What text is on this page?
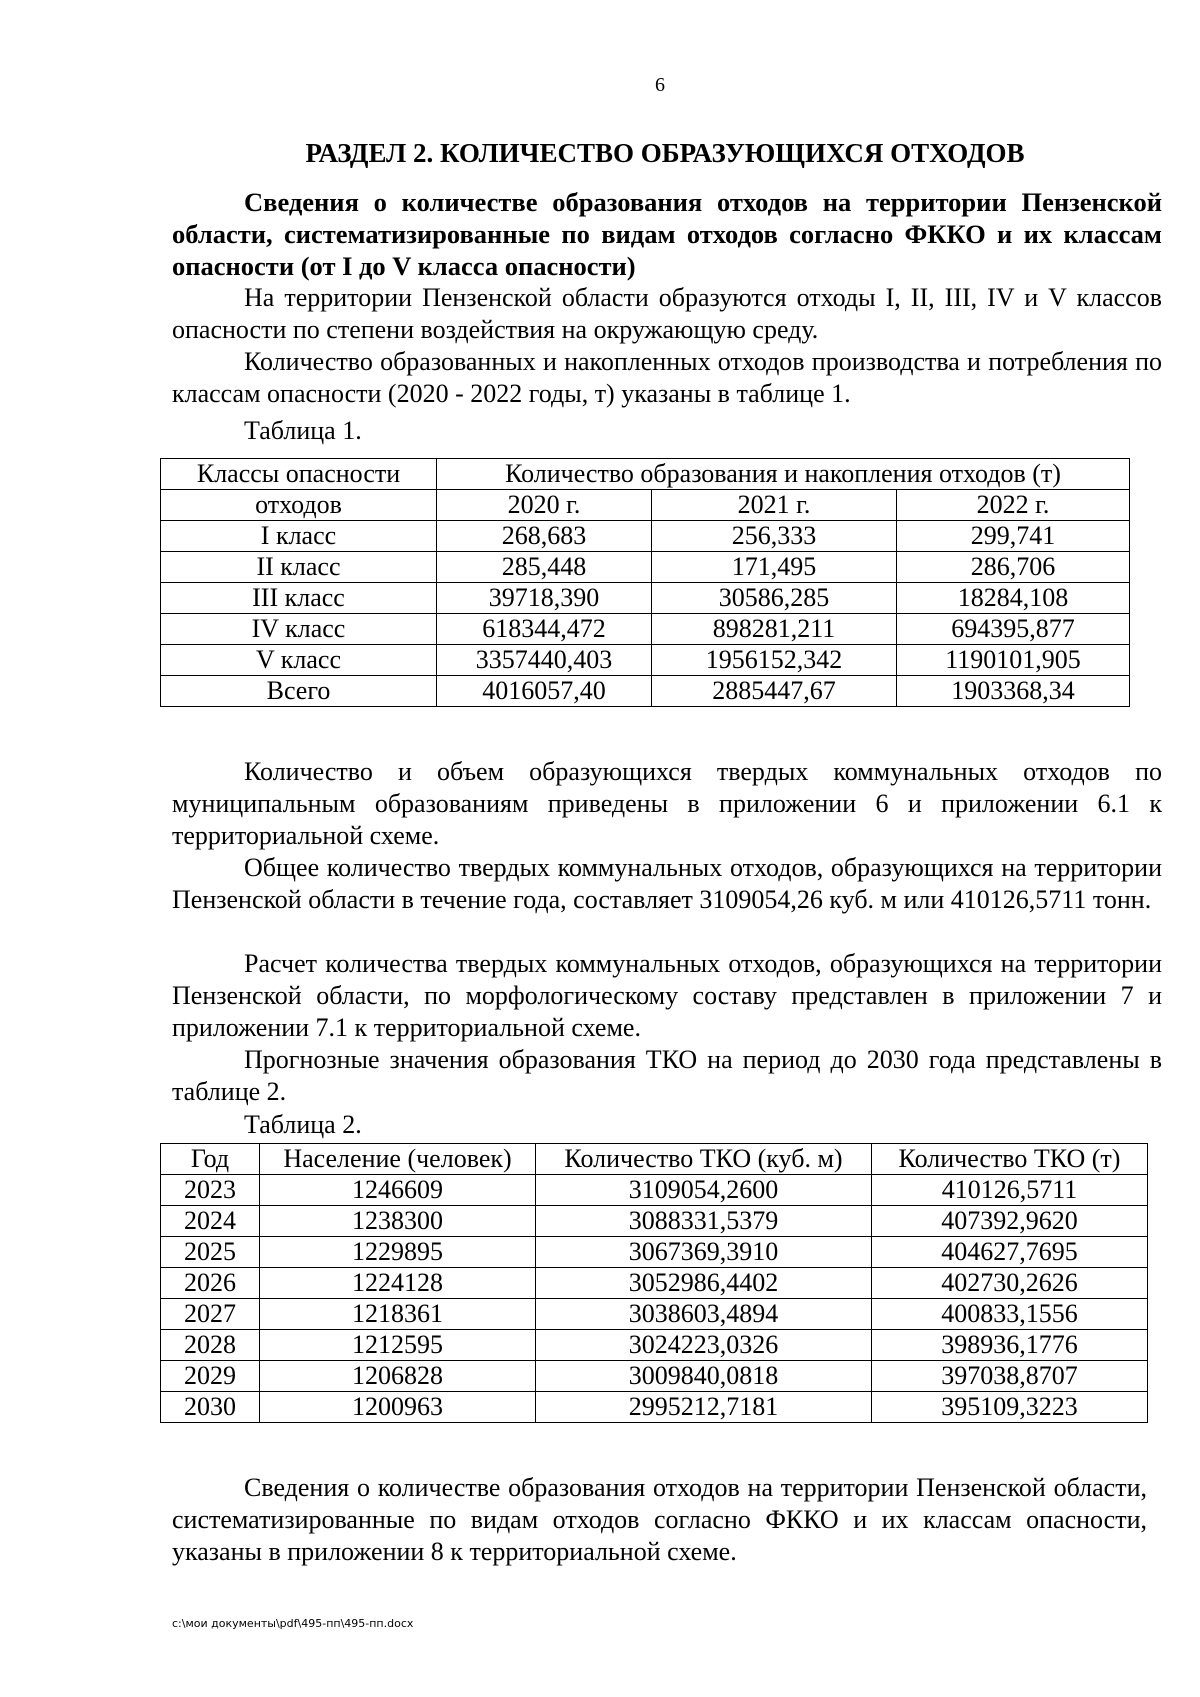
6
РАЗДЕЛ 2. КОЛИЧЕСТВО ОБРАЗУЮЩИХСЯ ОТХОДОВ
Сведения о количестве образования отходов на территории Пензенской области, систематизированные по видам отходов согласно ФККО и их классам опасности (от I до V класса опасности)
На территории Пензенской области образуются отходы I, II, III, IV и V классов опасности по степени воздействия на окружающую среду.
Количество образованных и накопленных отходов производства и потребления по классам опасности (2020 - 2022 годы, т) указаны в таблице 1.
Таблица 1.
Классы опасности	Количество образования и накопления отходов (т)		
отходов	2020 г.	2021 г.	2022 г.
I класс	268,683	256,333	299,741
II класс	285,448	171,495	286,706
III класс	39718,390	30586,285	18284,108
IV класс	618344,472	898281,211	694395,877
V класс	3357440,403	1956152,342	1190101,905
Всего	4016057,40	2885447,67	1903368,34
Количество и объем образующихся твердых коммунальных отходов по муниципальным образованиям приведены в приложении 6 и приложении 6.1 к территориальной схеме.
Общее количество твердых коммунальных отходов, образующихся на территории Пензенской области в течение года, составляет 3109054,26 куб. м или 410126,5711 тонн.
Расчет количества твердых коммунальных отходов, образующихся на территории Пензенской области, по морфологическому составу представлен в приложении 7 и приложении 7.1 к территориальной схеме.
Прогнозные значения образования ТКО на период до 2030 года представлены в таблице 2.
Таблица 2.
Год	Население (человек)	Количество ТКО (куб. м)	Количество ТКО (т)
2023	1246609	3109054,2600	410126,5711
2024	1238300	3088331,5379	407392,9620
2025	1229895	3067369,3910	404627,7695
2026	1224128	3052986,4402	402730,2626
2027	1218361	3038603,4894	400833,1556
2028	1212595	3024223,0326	398936,1776
2029	1206828	3009840,0818	397038,8707
2030	1200963	2995212,7181	395109,3223
Сведения о количестве образования отходов на территории Пензенской области, систематизированные по видам отходов согласно ФККО и их классам опасности, указаны в приложении 8 к территориальной схеме.
c:\мои документы\pdf\495-пп\495-пп.docx
